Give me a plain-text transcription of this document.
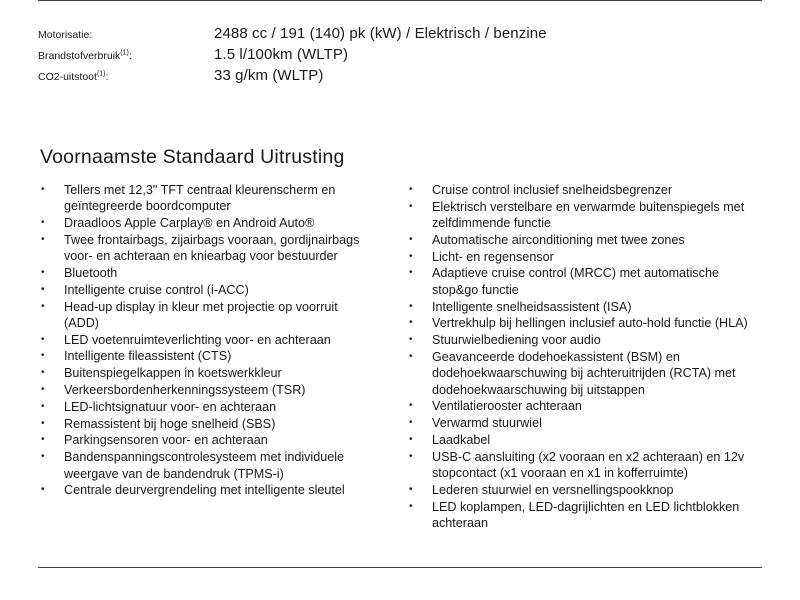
Motorisatie:	2488 cc / 191 (140) pk (kW) / Elektrisch / benzine
Brandstofverbruik$^{(1)}$:	1.5 l/100km (WLTP)
CO2-uitstoot$^{(1)}$:	33 g/km (WLTP)
Voornaamste Standaard Uitrusting
• Tellers met 12,3" TFT centraal kleurenscherm en geïntegreerde boordcomputer
• Draadloos Apple Carplay® en Android Auto®
• Twee frontairbags, zijairbags vooraan, gordijnairbags voor- en achteraan en kniearbag voor bestuurder
• Bluetooth
• Intelligente cruise control (i-ACC)
• Head-up display in kleur met projectie op voorruit (ADD)
• LED voetenruimteverlichting voor- en achteraan
• Intelligente fileassistent (CTS)
• Buitenspiegelkappen in koetswerkkleur
• Verkeersbordenherkenningssysteem (TSR)
• LED-lichtsignatuur voor- en achteraan
• Remassistent bij hoge snelheid (SBS)
• Parkingsensoren voor- en achteraan
• Bandenspanningscontrolesysteem met individuele weergave van de bandendruk (TPMS-i)
• Centrale deurvergrendeling met intelligente sleutel
• Cruise control inclusief snelheidsbegrenzer
• Elektrisch verstelbare en verwarmde buitenspiegels met zelfdimmende functie
• Automatische airconditioning met twee zones
• Licht- en regensensor
• Adaptieve cruise control (MRCC) met automatische stop&go functie
• Intelligente snelheidsassistent (ISA)
• Vertrekhulp bij hellingen inclusief auto-hold functie (HLA)
• Stuurwielbediening voor audio
• Geavanceerde dodehoekassistent (BSM) en dodehoekwaarschuwing bij achteruitrijden (RCTA) met dodehoekwaarschuwing bij uitstappen
• Ventilatierooster achteraan
• Verwarmd stuurwiel
• Laadkabel
• USB-C aansluiting (x2 vooraan en x2 achteraan) en 12v stopcontact (x1 vooraan en x1 in kofferruimte)
• Lederen stuurwiel en versnellingspookknop
• LED koplampen, LED-dagrijlichten en LED lichtblokken achteraan
